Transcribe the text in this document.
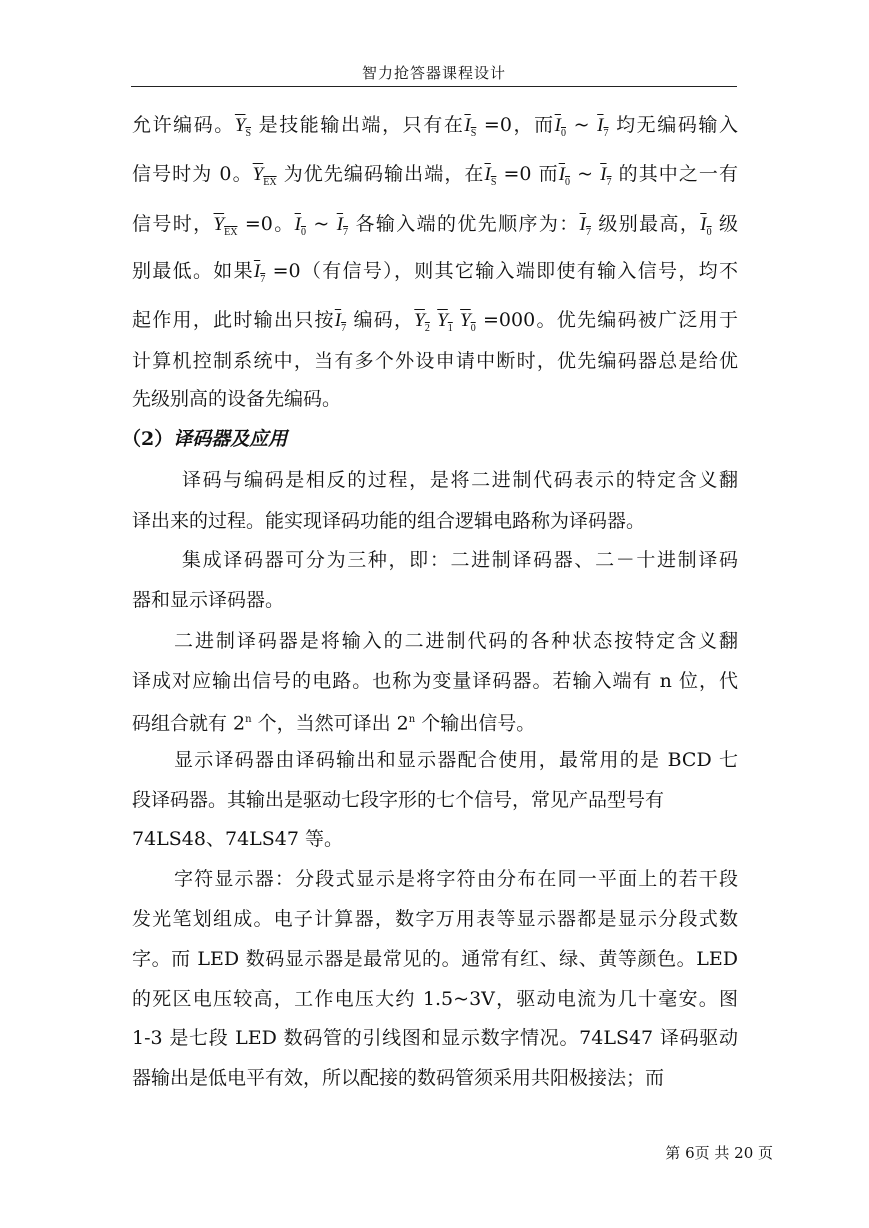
智力抢答器课程设计
允许编码。$Y_S$ 是技能输出端，只有在$I_S =0$，而$I_0$ ~ $I_7$ 均无编码输入
信号时为 0。$Y_{EX}$ 为优先编码输出端，在$I_S =0$ 而$I_0$ ~ $I_7$ 的其中之一有
信号时，$Y_{EX} =0$。$I_0$ ~ $I_7$ 各输入端的优先顺序为：$I_7$ 级别最高，$I_0$ 级
别最低。如果$I_7 =0$（有信号），则其它输入端即使有输入信号，均不
起作用，此时输出只按$I_7$ 编码，$Y_2$ $Y_1$ $Y_0 =000$。优先编码被广泛用于
计算机控制系统中，当有多个外设申请中断时，优先编码器总是给优
先级别高的设备先编码。
（2）译码器及应用
译码与编码是相反的过程，是将二进制代码表示的特定含义翻
译出来的过程。能实现译码功能的组合逻辑电路称为译码器。
集成译码器可分为三种，即：二进制译码器、二－十进制译码
器和显示译码器。
二进制译码器是将输入的二进制代码的各种状态按特定含义翻
译成对应输出信号的电路。也称为变量译码器。若输入端有 n 位，代
码组合就有 2$^n$ 个，当然可译出 2$^n$ 个输出信号。
显示译码器由译码输出和显示器配合使用，最常用的是 BCD 七
段译码器。其输出是驱动七段字形的七个信号，常见产品型号有
74LS48、74LS47 等。
字符显示器：分段式显示是将字符由分布在同一平面上的若干段
发光笔划组成。电子计算器，数字万用表等显示器都是显示分段式数
字。而 LED 数码显示器是最常见的。通常有红、绿、黄等颜色。LED
的死区电压较高，工作电压大约 1.5~3V，驱动电流为几十毫安。图
1-3 是七段 LED 数码管的引线图和显示数字情况。74LS47 译码驱动
器输出是低电平有效，所以配接的数码管须采用共阳极接法；而
第 6页 共 20 页
